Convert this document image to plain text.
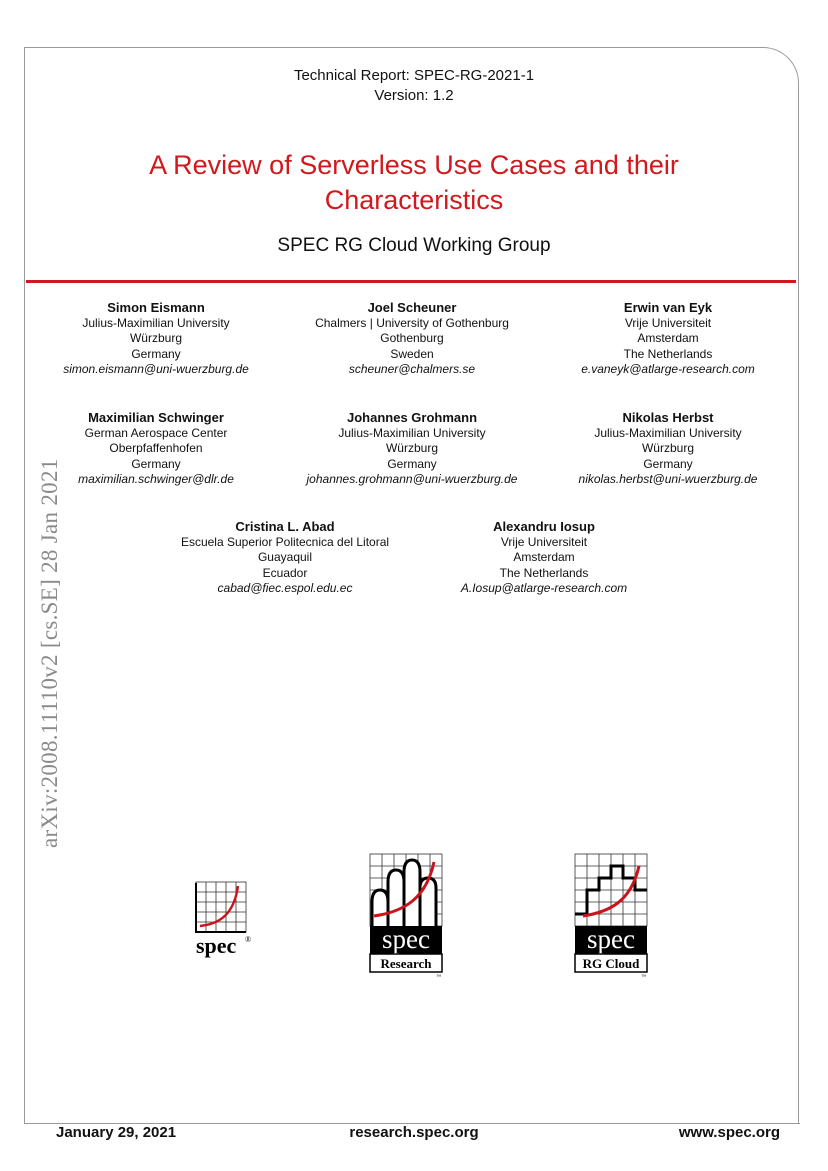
Technical Report: SPEC-RG-2021-1
Version: 1.2
A Review of Serverless Use Cases and their
Characteristics
SPEC RG Cloud Working Group
Simon Eismann
Julius-Maximilian University
Würzburg
Germany
simon.eismann@uni-wuerzburg.de
Joel Scheuner
Chalmers | University of Gothenburg
Gothenburg
Sweden
scheuner@chalmers.se
Erwin van Eyk
Vrije Universiteit
Amsterdam
The Netherlands
e.vaneyk@atlarge-research.com
Maximilian Schwinger
German Aerospace Center
Oberpfaffenhofen
Germany
maximilian.schwinger@dlr.de
Johannes Grohmann
Julius-Maximilian University
Würzburg
Germany
johannes.grohmann@uni-wuerzburg.de
Nikolas Herbst
Julius-Maximilian University
Würzburg
Germany
nikolas.herbst@uni-wuerzburg.de
Cristina L. Abad
Escuela Superior Politecnica del Litoral
Guayaquil
Ecuador
cabad@fiec.espol.edu.ec
Alexandru Iosup
Vrije Universiteit
Amsterdam
The Netherlands
A.Iosup@atlarge-research.com
arXiv:2008.11110v2 [cs.SE] 28 Jan 2021
spec ®	spec
Research
™
spec
RG Cloud
™
January 29, 2021	research.spec.org	www.spec.org
